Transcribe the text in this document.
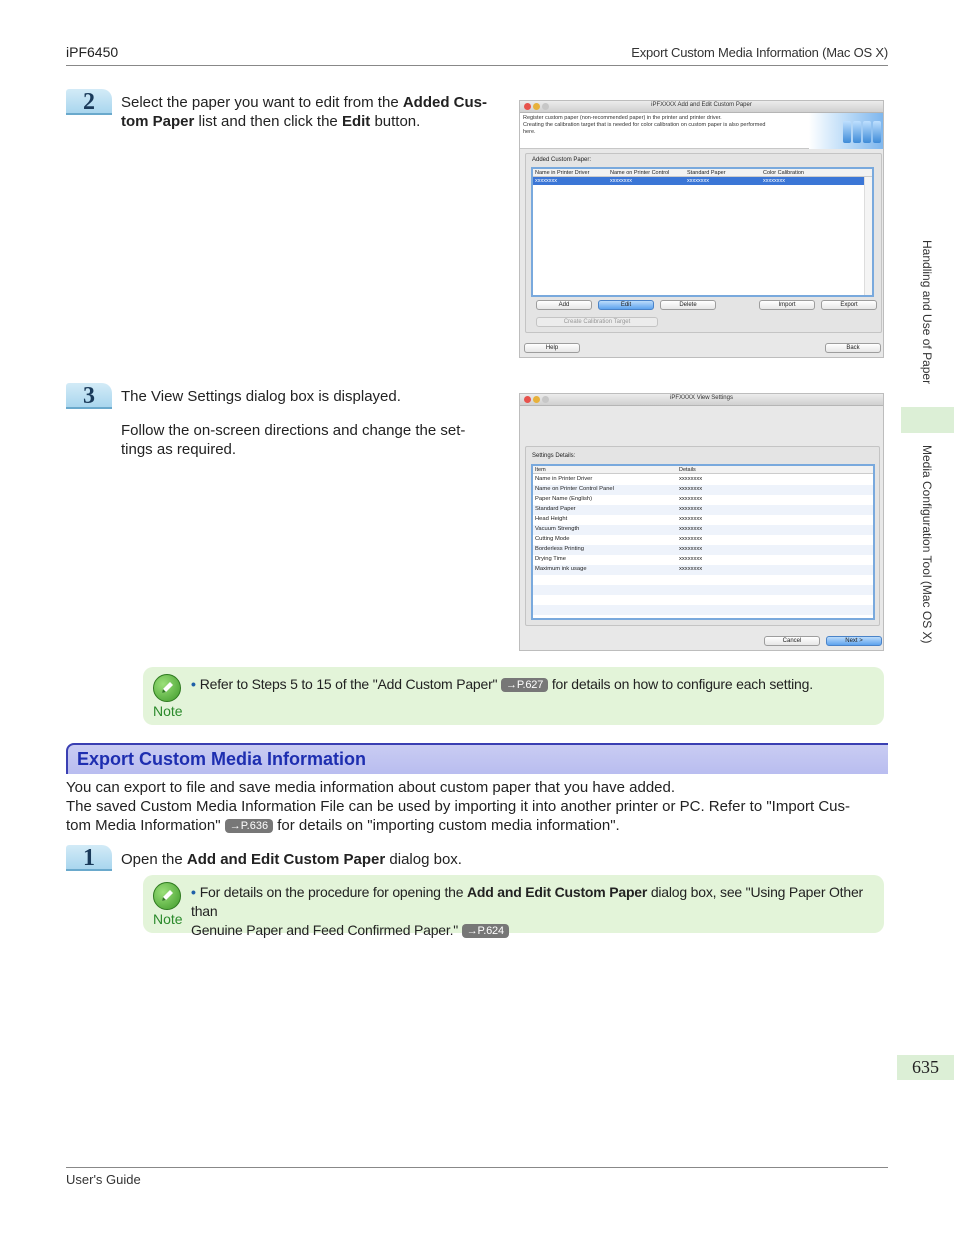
iPF6450	Export Custom Media Information (Mac OS X)
Handling and Use of Paper
Media Configuration Tool (Mac OS X)
635
2	Select the paper you want to edit from the Added Cus-
tom Paper list and then click the Edit button.
iPFXXXX Add and Edit Custom Paper
Register custom paper (non-recommended paper) in the printer and printer driver.
Creating the calibration target that is needed for color calibration on custom paper is also performed
here.
Added Custom Paper:
Name in Printer Driver	Name on Printer Control	Standard Paper	Color Calibration
xxxxxxxx	xxxxxxxx	xxxxxxxx	xxxxxxxx
Add	Edit	Delete	Import	Export
Create Calibration Target
Help	Back
3	The View Settings dialog box is displayed.
Follow the on-screen directions and change the set-
tings as required.
iPFXXXX View Settings
Settings Details:
Item	Details
Name in Printer Driver	xxxxxxxx
Name on Printer Control Panel	xxxxxxxx
Paper Name (English)	xxxxxxxx
Standard Paper	xxxxxxxx
Head Height	xxxxxxxx
Vacuum Strength	xxxxxxxx
Cutting Mode	xxxxxxxx
Borderless Printing	xxxxxxxx
Drying Time	xxxxxxxx
Maximum ink usage	xxxxxxxx
Cancel	Next >
Note
• Refer to Steps 5 to 15 of the "Add Custom Paper" →P.627 for details on how to configure each setting.
Export Custom Media Information
You can export to file and save media information about custom paper that you have added.
The saved Custom Media Information File can be used by importing it into another printer or PC. Refer to "Import Cus-
tom Media Information" →P.636 for details on "importing custom media information".
1	Open the Add and Edit Custom Paper dialog box.
Note
• For details on the procedure for opening the Add and Edit Custom Paper dialog box, see "Using Paper Other than
Genuine Paper and Feed Confirmed Paper." →P.624
User's Guide
